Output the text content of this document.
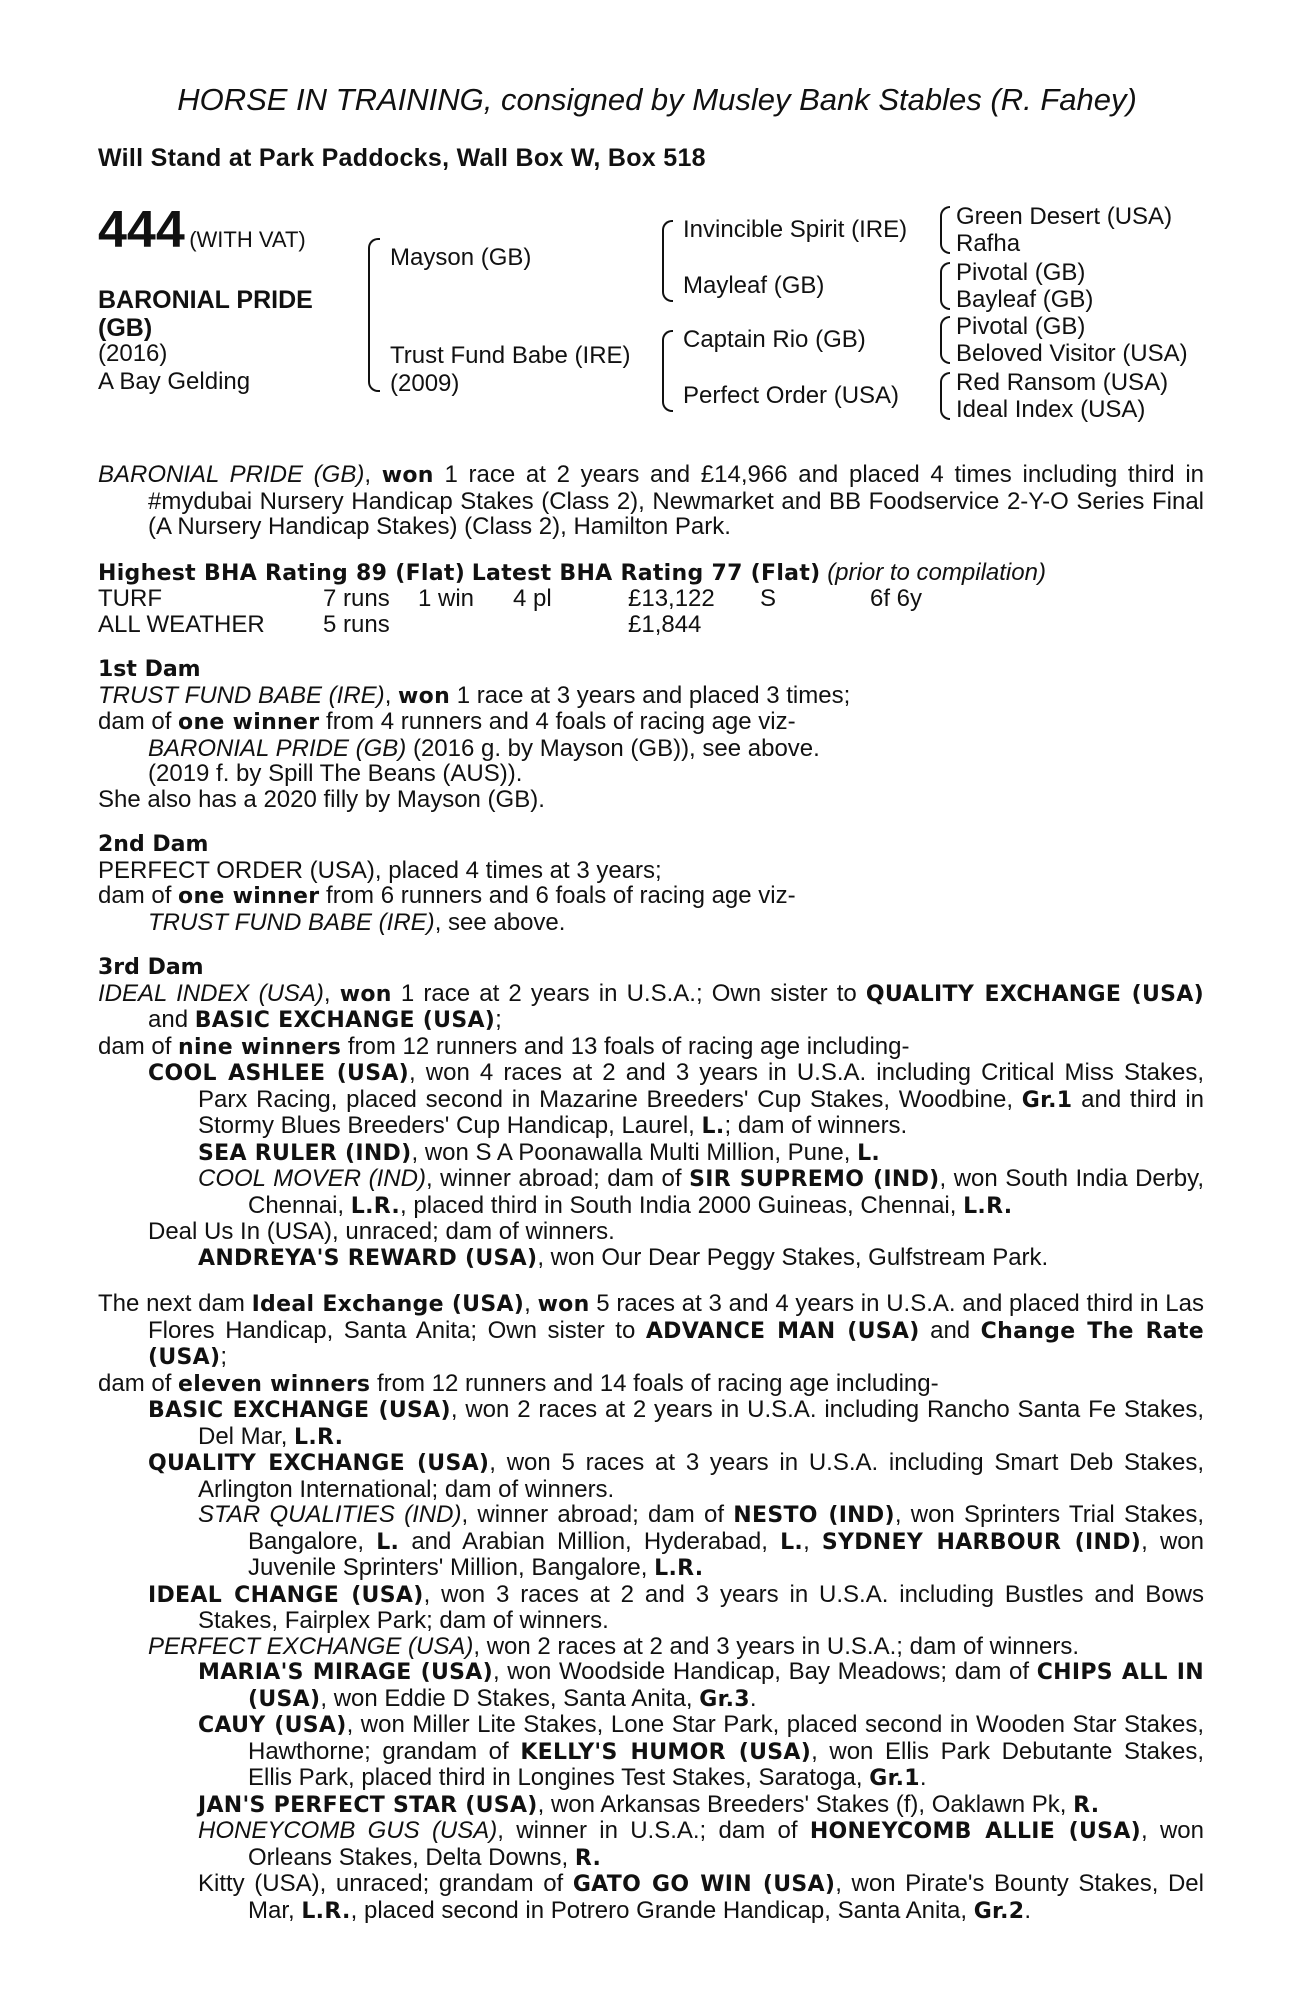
HORSE IN TRAINING, consigned by Musley Bank Stables (R. Fahey)
Will Stand at Park Paddocks, Wall Box W, Box 518
444 (WITH VAT)
BARONIAL PRIDE
(GB)
(2016)
A Bay Gelding
Mayson (GB)
Trust Fund Babe (IRE)
(2009)
Invincible Spirit (IRE)
Mayleaf (GB)
Captain Rio (GB)
Perfect Order (USA)
Green Desert (USA)
Rafha
Pivotal (GB)
Bayleaf (GB)
Pivotal (GB)
Beloved Visitor (USA)
Red Ransom (USA)
Ideal Index (USA)

BARONIAL PRIDE (GB), won 1 race at 2 years and £14,966 and placed 4 times including third in #mydubai Nursery Handicap Stakes (Class 2), Newmarket and BB Foodservice 2-Y-O Series Final (A Nursery Handicap Stakes) (Class 2), Hamilton Park.

Highest BHA Rating 89 (Flat) Latest BHA Rating 77 (Flat) (prior to compilation)

TURF	7 runs	1 win	4 pl	£13,122	S	6f 6y
ALL WEATHER	5 runs	£1,844

1st Dam

TRUST FUND BABE (IRE), won 1 race at 3 years and placed 3 times;

dam of one winner from 4 runners and 4 foals of racing age viz-

BARONIAL PRIDE (GB) (2016 g. by Mayson (GB)), see above.

(2019 f. by Spill The Beans (AUS)).

She also has a 2020 filly by Mayson (GB).

2nd Dam

PERFECT ORDER (USA), placed 4 times at 3 years;

dam of one winner from 6 runners and 6 foals of racing age viz-

TRUST FUND BABE (IRE), see above.

3rd Dam

IDEAL INDEX (USA), won 1 race at 2 years in U.S.A.; Own sister to QUALITY EXCHANGE (USA) and BASIC EXCHANGE (USA);

dam of nine winners from 12 runners and 13 foals of racing age including-

COOL ASHLEE (USA), won 4 races at 2 and 3 years in U.S.A. including Critical Miss Stakes, Parx Racing, placed second in Mazarine Breeders' Cup Stakes, Woodbine, Gr.1 and third in Stormy Blues Breeders' Cup Handicap, Laurel, L.; dam of winners.

SEA RULER (IND), won S A Poonawalla Multi Million, Pune, L.

COOL MOVER (IND), winner abroad; dam of SIR SUPREMO (IND), won South India Derby, Chennai, L.R., placed third in South India 2000 Guineas, Chennai, L.R.

Deal Us In (USA), unraced; dam of winners.

ANDREYA'S REWARD (USA), won Our Dear Peggy Stakes, Gulfstream Park.

The next dam Ideal Exchange (USA), won 5 races at 3 and 4 years in U.S.A. and placed third in Las Flores Handicap, Santa Anita; Own sister to ADVANCE MAN (USA) and Change The Rate (USA);

dam of eleven winners from 12 runners and 14 foals of racing age including-

BASIC EXCHANGE (USA), won 2 races at 2 years in U.S.A. including Rancho Santa Fe Stakes, Del Mar, L.R.

QUALITY EXCHANGE (USA), won 5 races at 3 years in U.S.A. including Smart Deb Stakes, Arlington International; dam of winners.

STAR QUALITIES (IND), winner abroad; dam of NESTO (IND), won Sprinters Trial Stakes, Bangalore, L. and Arabian Million, Hyderabad, L., SYDNEY HARBOUR (IND), won Juvenile Sprinters' Million, Bangalore, L.R.

IDEAL CHANGE (USA), won 3 races at 2 and 3 years in U.S.A. including Bustles and Bows Stakes, Fairplex Park; dam of winners.

PERFECT EXCHANGE (USA), won 2 races at 2 and 3 years in U.S.A.; dam of winners.

MARIA'S MIRAGE (USA), won Woodside Handicap, Bay Meadows; dam of CHIPS ALL IN (USA), won Eddie D Stakes, Santa Anita, Gr.3.

CAUY (USA), won Miller Lite Stakes, Lone Star Park, placed second in Wooden Star Stakes, Hawthorne; grandam of KELLY'S HUMOR (USA), won Ellis Park Debutante Stakes, Ellis Park, placed third in Longines Test Stakes, Saratoga, Gr.1.

JAN'S PERFECT STAR (USA), won Arkansas Breeders' Stakes (f), Oaklawn Pk, R.

HONEYCOMB GUS (USA), winner in U.S.A.; dam of HONEYCOMB ALLIE (USA), won Orleans Stakes, Delta Downs, R.

Kitty (USA), unraced; grandam of GATO GO WIN (USA), won Pirate's Bounty Stakes, Del Mar, L.R., placed second in Potrero Grande Handicap, Santa Anita, Gr.2.
